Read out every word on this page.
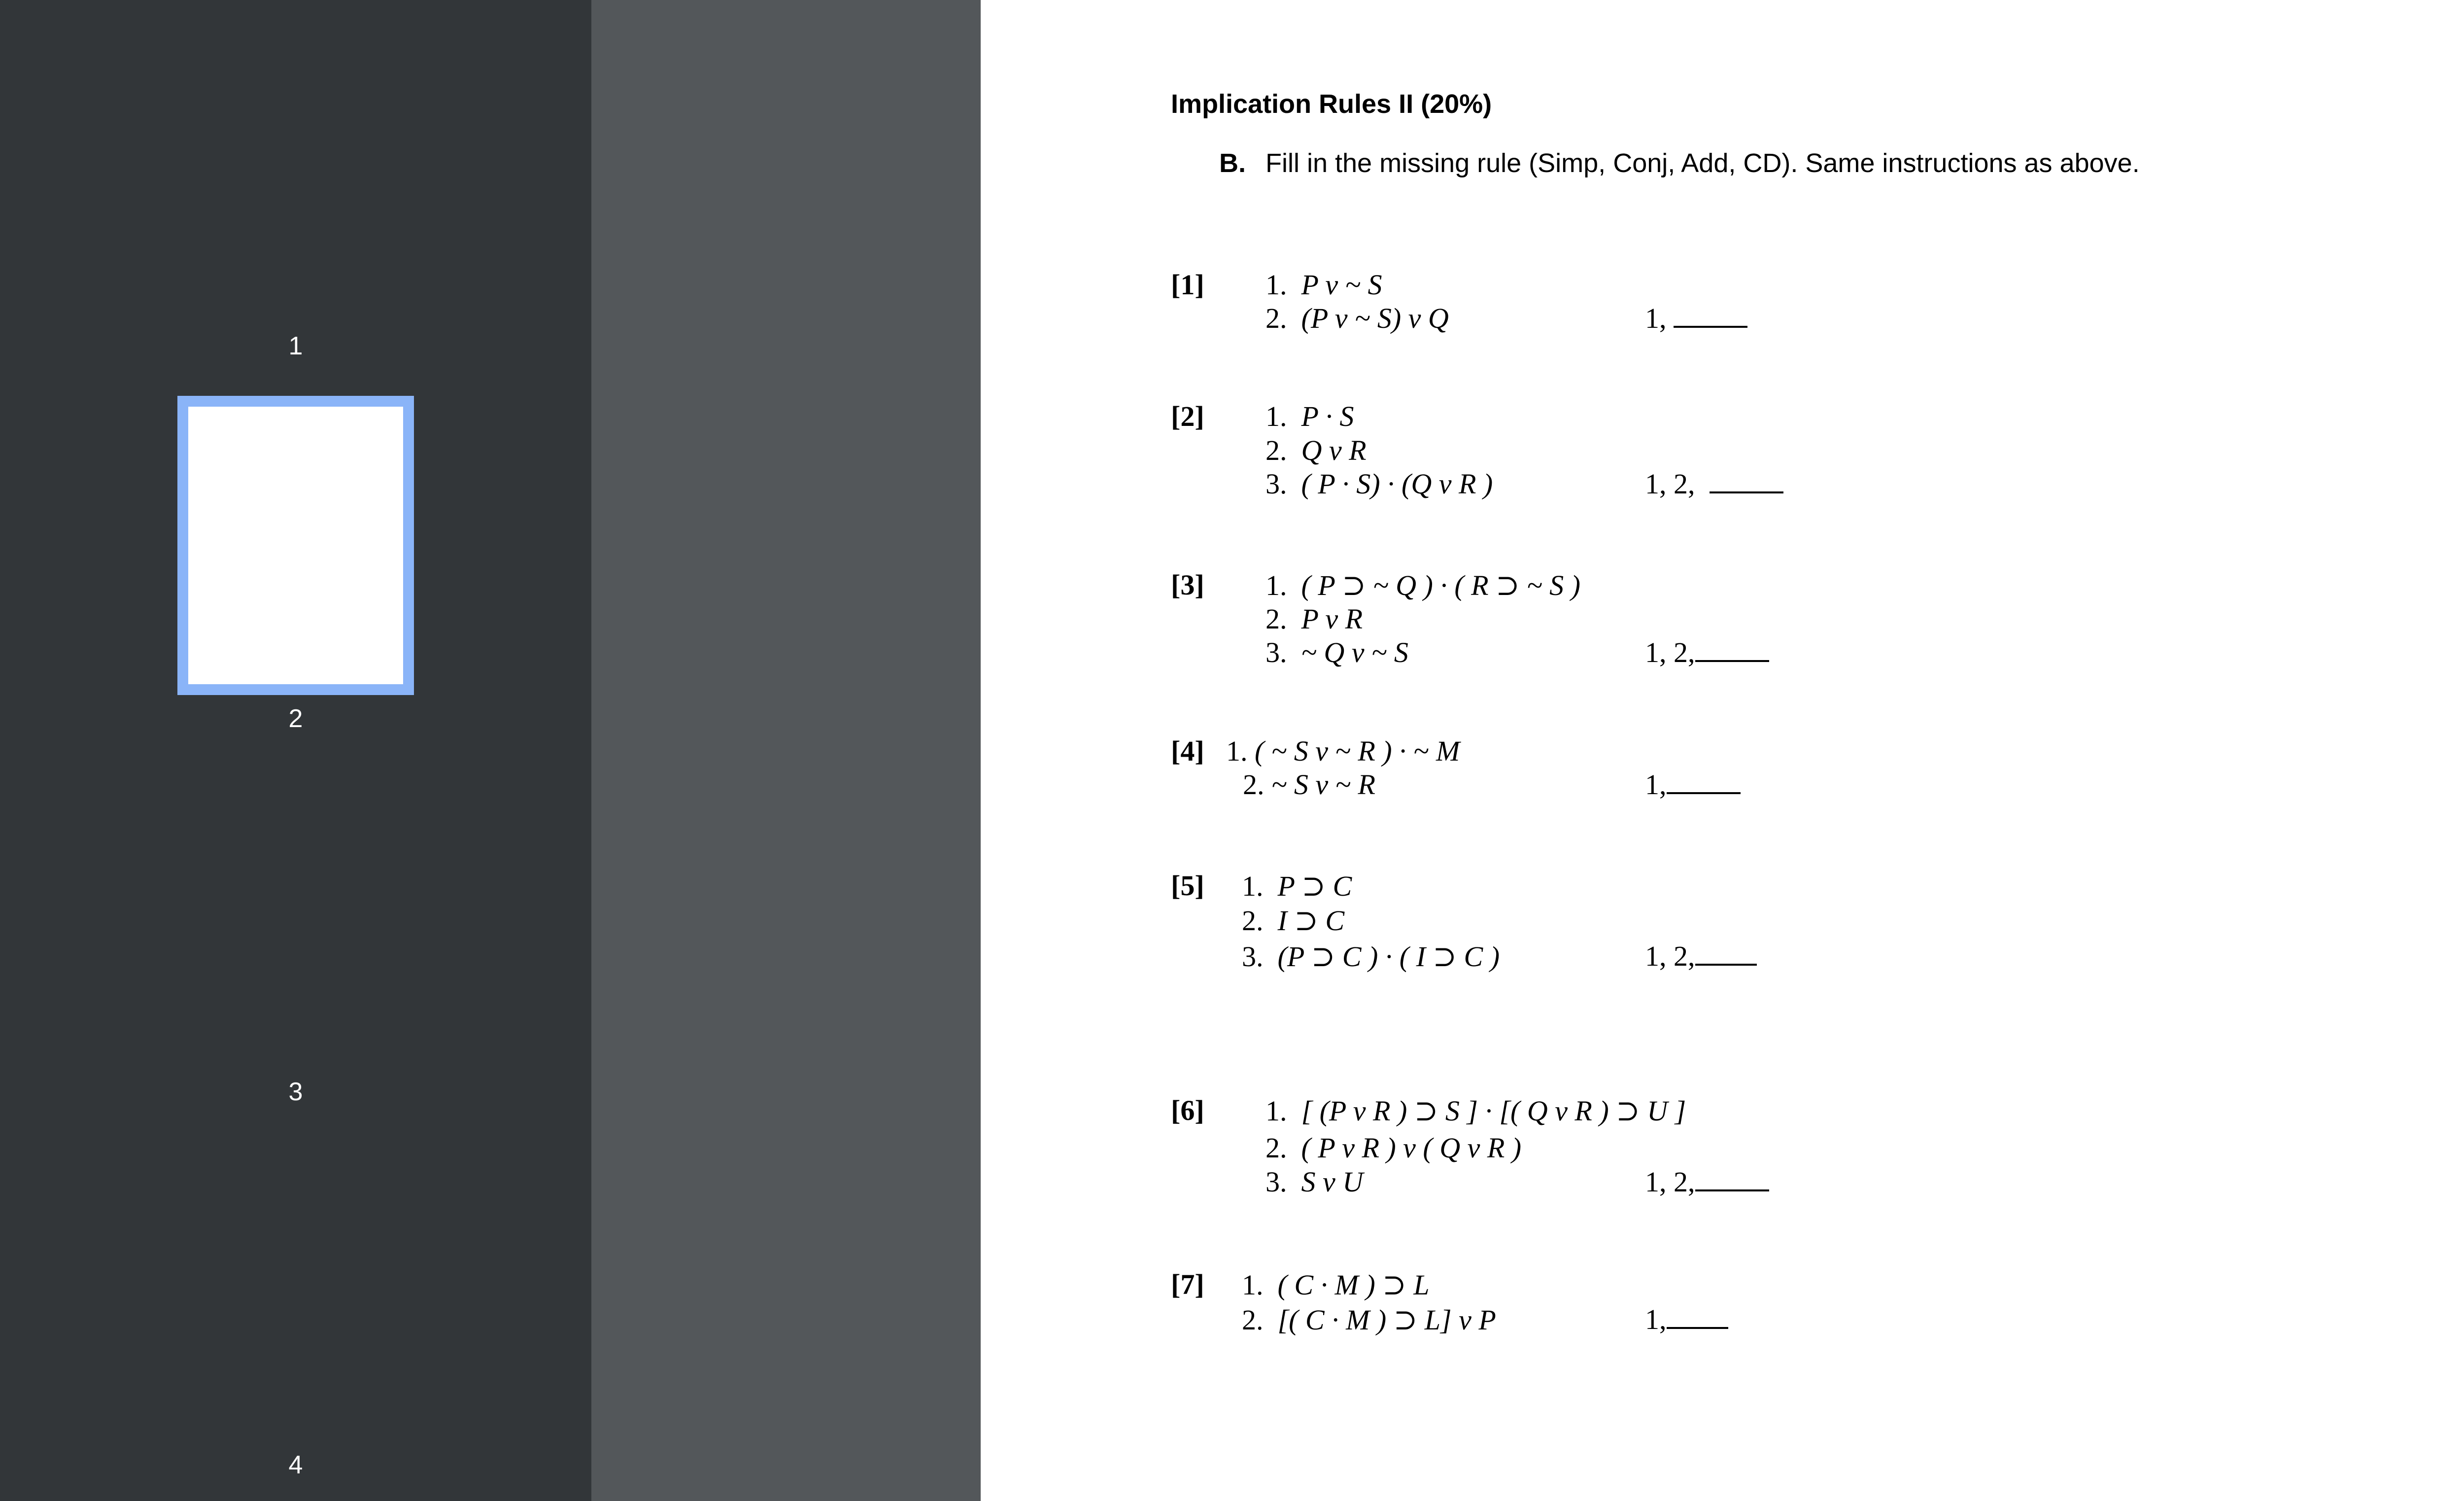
1
2
3
4
Implication Rules II (20%)
B. Fill in the missing rule (Simp, Conj, Add, CD). Same instructions as above.
[1] 1. P v ~ S
2. (P v ~ S) v Q	1,
[2] 1. P · S
2. Q v R
3. ( P · S) · (Q v R )	1, 2,
[3] 1. ( P ⊃ ~ Q ) · ( R ⊃ ~ S )
2. P v R
3. ~ Q v ~ S	1, 2,
[4] 1. ( ~ S v ~ R ) · ~ M
2. ~ S v ~ R	1,
[5] 1. P ⊃ C
2. I ⊃ C
3. (P ⊃ C ) · ( I ⊃ C )	1, 2,
[6] 1. [ (P v R ) ⊃ S ] · [( Q v R ) ⊃ U ]
2. ( P v R ) v ( Q v R )
3. S v U	1, 2,
[7] 1. ( C · M ) ⊃ L
2. [( C · M ) ⊃ L] v P	1,
